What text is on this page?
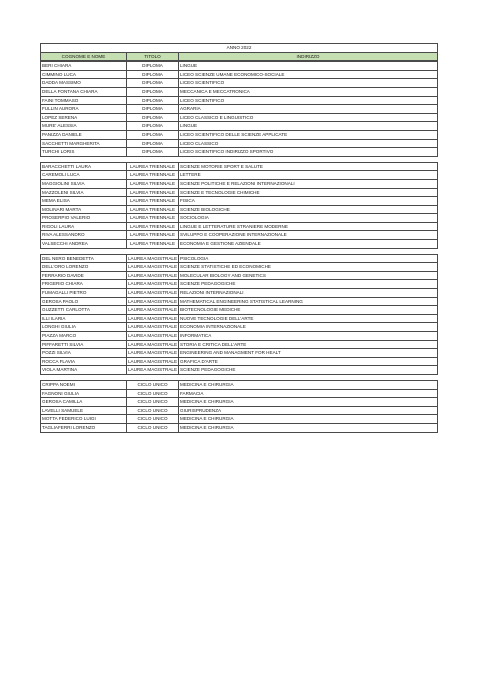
ANNO 2022
COGNOME E NOME	TITOLO	INDIRIZZO
BERI CHIARA	DIPLOMA	LINGUE
CIMMINO LUCA	DIPLOMA	LICEO SCIENZE UMANE ECONOMICO-SOCIALE
DADDA MASSIMO	DIPLOMA	LICEO SCIENTIFICO
DELLA FONTANA CHIARA	DIPLOMA	MECCANICA E MECCATRONICA
FAINI TOMMASO	DIPLOMA	LICEO SCIENTIFICO
FULLIN AURORA	DIPLOMA	AGRARIA
LOPEZ SERENA	DIPLOMA	LICEO CLASSICO E LINGUISTICO
MURE' ALESSIA	DIPLOMA	LINGUE
PANIZZA DANIELE	DIPLOMA	LICEO SCIENTIFICO DELLE SCIENZE APPLICATE
SACCHETTI MARGHERITA	DIPLOMA	LICEO CLASSICO
TURCHI LORIS	DIPLOMA	LICEO SCIENTIFICO INDIRIZZO SPORTIVO
BARACCHETTI LAURA	LAUREA TRIENNALE	SCIENZE MOTORIE SPORT E SALUTE
CAREMOLI LUCA	LAUREA TRIENNALE	LETTERE
MAGGIOLINI SILVIA	LAUREA TRIENNALE	SCIENZE POLITICHE E RELAZIONI INTERNAZIONALI
MAZZOLENI SILVIA	LAUREA TRIENNALE	SCIENZE E TECNOLOGIE CHIMICHE
MEMA ELISA	LAUREA TRIENNALE	FISICA
MOLINARI MARTA	LAUREA TRIENNALE	SCIENZE BIOLOGICHE
PROSERPIO VALERIO	LAUREA TRIENNALE	SOCIOLOGIA
RIGOLI LAURA	LAUREA TRIENNALE	LINGUE E LETTERATURE STRANIERE MODERNE
RIVA ALESSANDRO	LAUREA TRIENNALE	SVILUPPO E COOPERAZIONE INTERNAZIONALE
VALSECCHI ANDREA	LAUREA TRIENNALE	ECONOMIA E GESTIONE AZIENDALE
DEL NERO BENEDETTA	LAUREA MAGISTRALE	PSICOLOGIA
DELL'ORO LORENZO	LAUREA MAGISTRALE	SCIENZE STATISTICHE ED ECONOMICHE
FERRARIO DAVIDE	LAUREA MAGISTRALE	MOLECULAR BIOLOGY AND GENETICS
FRIGERIO CHIARA	LAUREA MAGISTRALE	SCIENZE PEDAGOGICHE
FUMAGALLI PIETRO	LAUREA MAGISTRALE	RELAZIONI INTERNAZIONALI
GEROSA PAOLO	LAUREA MAGISTRALE	MATHEMATICAL ENGINEERING STATISTICAL LEARNING
GUZZETTI CARLOTTA	LAUREA MAGISTRALE	BIOTECNOLOGIE MEDICHE
ILLI ILARIA	LAUREA MAGISTRALE	NUOVE TECNOLOGIE DELL'ARTE
LONGHI GIULIA	LAUREA MAGISTRALE	ECONOMIA INTERNAZIONALE
PIAZZA MARCO	LAUREA MAGISTRALE	INFORMATICA
PIFFARETTI SILVIA	LAUREA MAGISTRALE	STORIA E CRITICA DELL'ARTE
POZZI SILVIA	LAUREA MAGISTRALE	ENGINEERING AND MANAGMENT FOR HEALT
ROCCA FLAVIA	LAUREA MAGISTRALE	GRAFICA D'ARTE
VIOLA MARTINA	LAUREA MAGISTRALE	SCIENZE PEDAGOGICHE
CRIPPA NOEMI	CICLO UNICO	MEDICINA E CHIRURGIA
FAGNONI GIULIA	CICLO UNICO	FARMACIA
GEROSA CAMILLA	CICLO UNICO	MEDICINA E CHIRURGIA
LAVELLI SAMUELE	CICLO UNICO	GIURISPRUDENZA
MOTTA FEDERICO LUIGI	CICLO UNICO	MEDICINA E CHIRURGIA
TAGLIAFERRI LORENZO	CICLO UNICO	MEDICINA E CHIRURGIA
